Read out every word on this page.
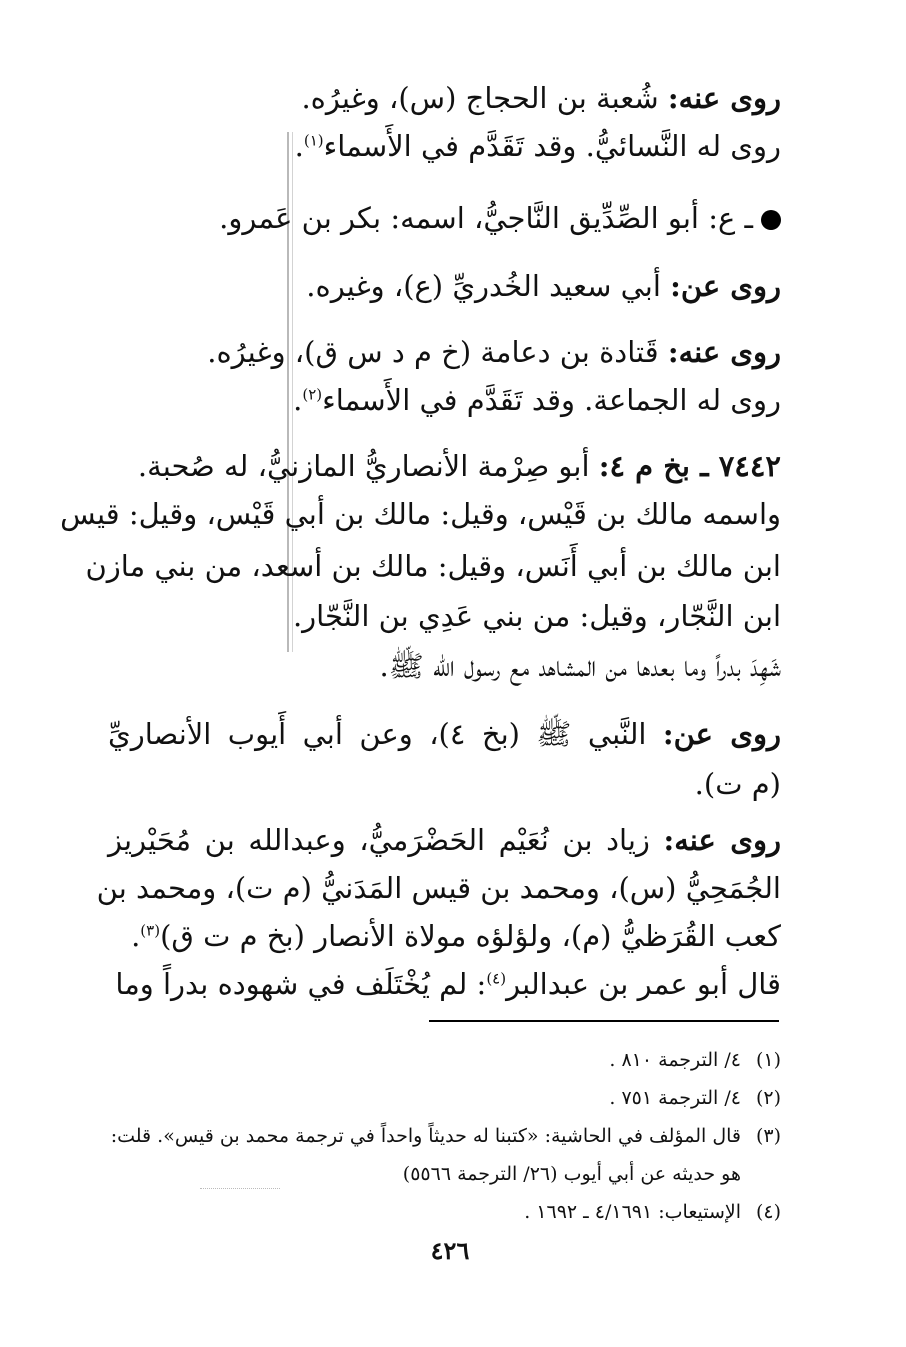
روى عنه: شُعبة بن الحجاج (س)، وغيرُه.
روى له النَّسائيُّ. وقد تَقَدَّم في الأَسماء$^{(١)}$.
ـ ع: أبو الصِّدِّيق النَّاجيُّ، اسمه: بكر بن عَمرو.
روى عن: أبي سعيد الخُدريِّ (ع)، وغيره.
روى عنه: قَتادة بن دعامة (خ م د س ق)، وغيرُه.
روى له الجماعة. وقد تَقَدَّم في الأَسماء$^{(٢)}$.
٧٤٤٢ ـ بخ م ٤: أبو صِرْمة الأنصاريُّ المازنيُّ، له صُحبة.
واسمه مالك بن قَيْس، وقيل: مالك بن أبي قَيْس، وقيل: قيس
ابن مالك بن أبي أَنَس، وقيل: مالك بن أسعد، من بني مازن
ابن النَّجّار، وقيل: من بني عَدِي بن النَّجّار.
شَهِدَ بدراً وما بعدها من المشاهد مع رسول الله ﷺ.
روى عن: النَّبي ﷺ (بخ ٤)، وعن أبي أَيوب الأنصاريِّ
(م ت).
روى عنه: زياد بن نُعَيْم الحَضْرَميُّ، وعبدالله بن مُحَيْريز
الجُمَحِيُّ (س)، ومحمد بن قيس المَدَنيُّ (م ت)، ومحمد بن
كعب القُرَظيُّ (م)، ولؤلؤه مولاة الأنصار (بخ م ت ق)$^{(٣)}$.
قال أبو عمر بن عبدالبر$^{(٤)}$: لم يُخْتَلَف في شهوده بدراً وما
(١)٤/ الترجمة ٨١٠ .
(٢)٤/ الترجمة ٧٥١ .
(٣)قال المؤلف في الحاشية: «كتبنا له حديثاً واحداً في ترجمة محمد بن قيس». قلت:
هو حديثه عن أبي أيوب (٢٦/ الترجمة ٥٥٦٦)
(٤)الإستيعاب: ٤/١٦٩١ ـ ١٦٩٢ .
٤٢٦
